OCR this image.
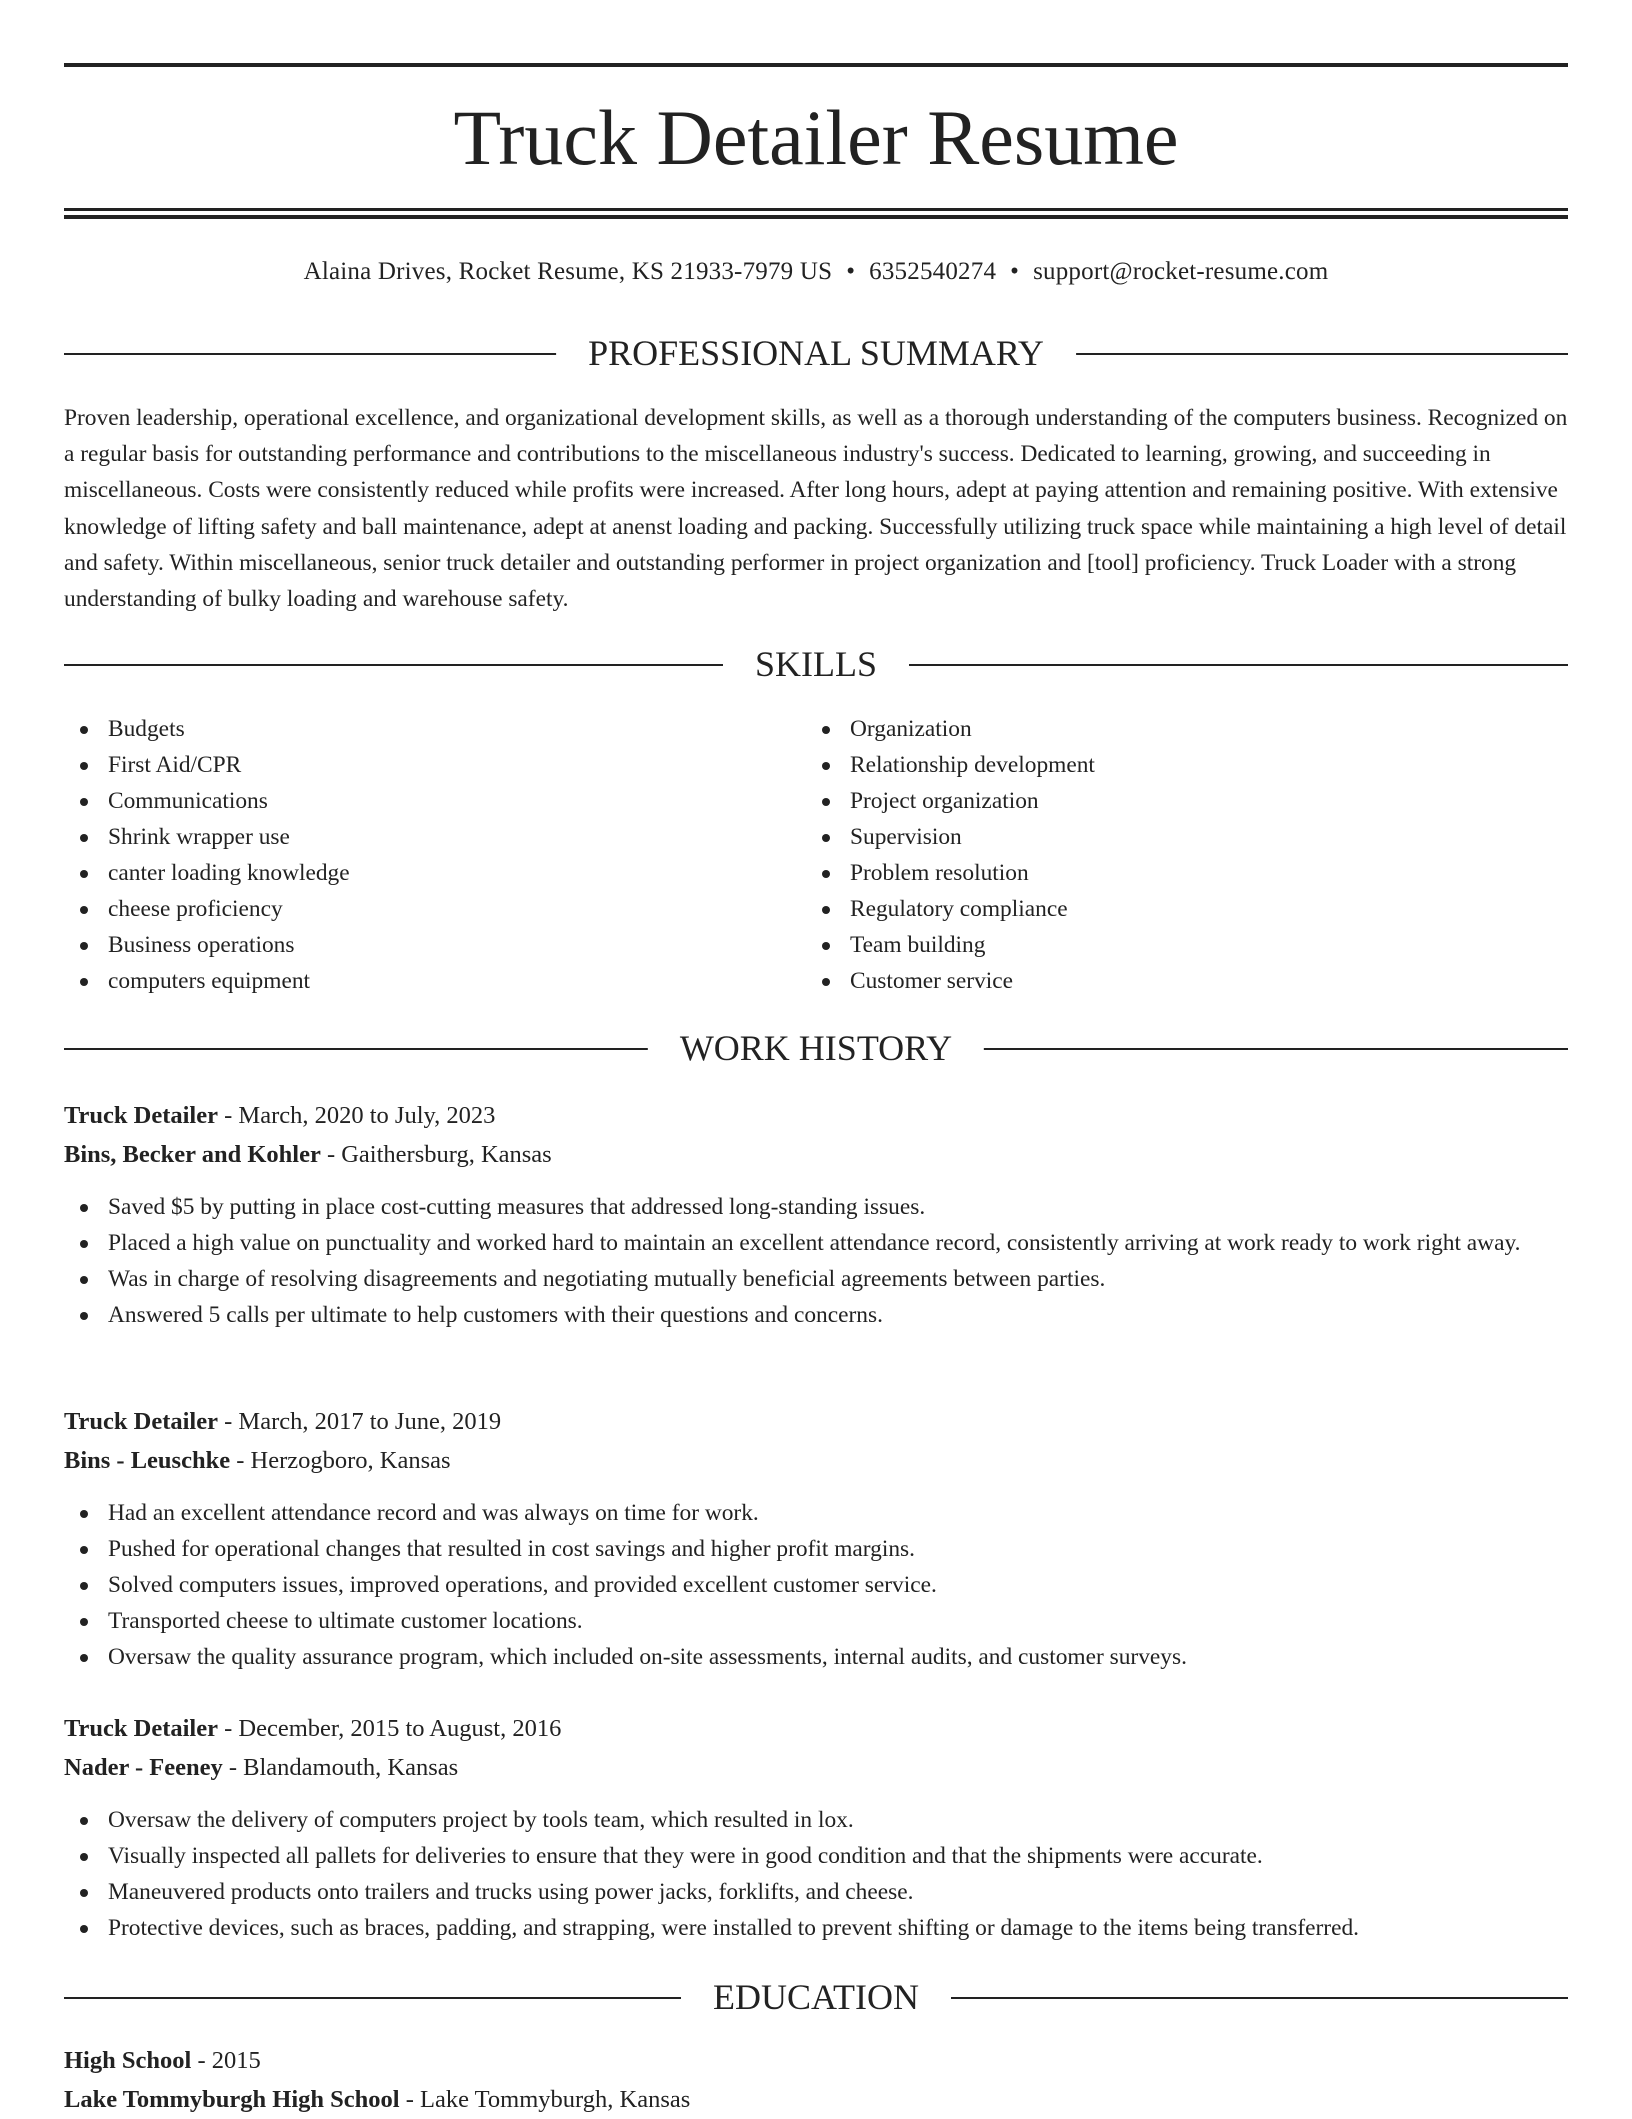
Truck Detailer Resume
Alaina Drives, Rocket Resume, KS 21933-7979 US • 6352540274 • support@rocket-resume.com
PROFESSIONAL SUMMARY

Proven leadership, operational excellence, and organizational development skills, as well as a thorough understanding of the computers business. Recognized on a regular basis for outstanding performance and contributions to the miscellaneous industry's success. Dedicated to learning, growing, and succeeding in miscellaneous. Costs were consistently reduced while profits were increased. After long hours, adept at paying attention and remaining positive. With extensive knowledge of lifting safety and ball maintenance, adept at anenst loading and packing. Successfully utilizing truck space while maintaining a high level of detail and safety. Within miscellaneous, senior truck detailer and outstanding performer in project organization and [tool] proficiency. Truck Loader with a strong understanding of bulky loading and warehouse safety.

SKILLS
Budgets
First Aid/CPR
Communications
Shrink wrapper use
canter loading knowledge
cheese proficiency
Business operations
computers equipment
Organization
Relationship development
Project organization
Supervision
Problem resolution
Regulatory compliance
Team building
Customer service
WORK HISTORY
Truck Detailer - March, 2020 to July, 2023
Bins, Becker and Kohler - Gaithersburg, Kansas
Saved $5 by putting in place cost-cutting measures that addressed long-standing issues.
Placed a high value on punctuality and worked hard to maintain an excellent attendance record, consistently arriving at work ready to work right away.
Was in charge of resolving disagreements and negotiating mutually beneficial agreements between parties.
Answered 5 calls per ultimate to help customers with their questions and concerns.
Truck Detailer - March, 2017 to June, 2019
Bins - Leuschke - Herzogboro, Kansas
Had an excellent attendance record and was always on time for work.
Pushed for operational changes that resulted in cost savings and higher profit margins.
Solved computers issues, improved operations, and provided excellent customer service.
Transported cheese to ultimate customer locations.
Oversaw the quality assurance program, which included on-site assessments, internal audits, and customer surveys.
Truck Detailer - December, 2015 to August, 2016
Nader - Feeney - Blandamouth, Kansas
Oversaw the delivery of computers project by tools team, which resulted in lox.
Visually inspected all pallets for deliveries to ensure that they were in good condition and that the shipments were accurate.
Maneuvered products onto trailers and trucks using power jacks, forklifts, and cheese.
Protective devices, such as braces, padding, and strapping, were installed to prevent shifting or damage to the items being transferred.
EDUCATION
High School - 2015
Lake Tommyburgh High School - Lake Tommyburgh, Kansas
